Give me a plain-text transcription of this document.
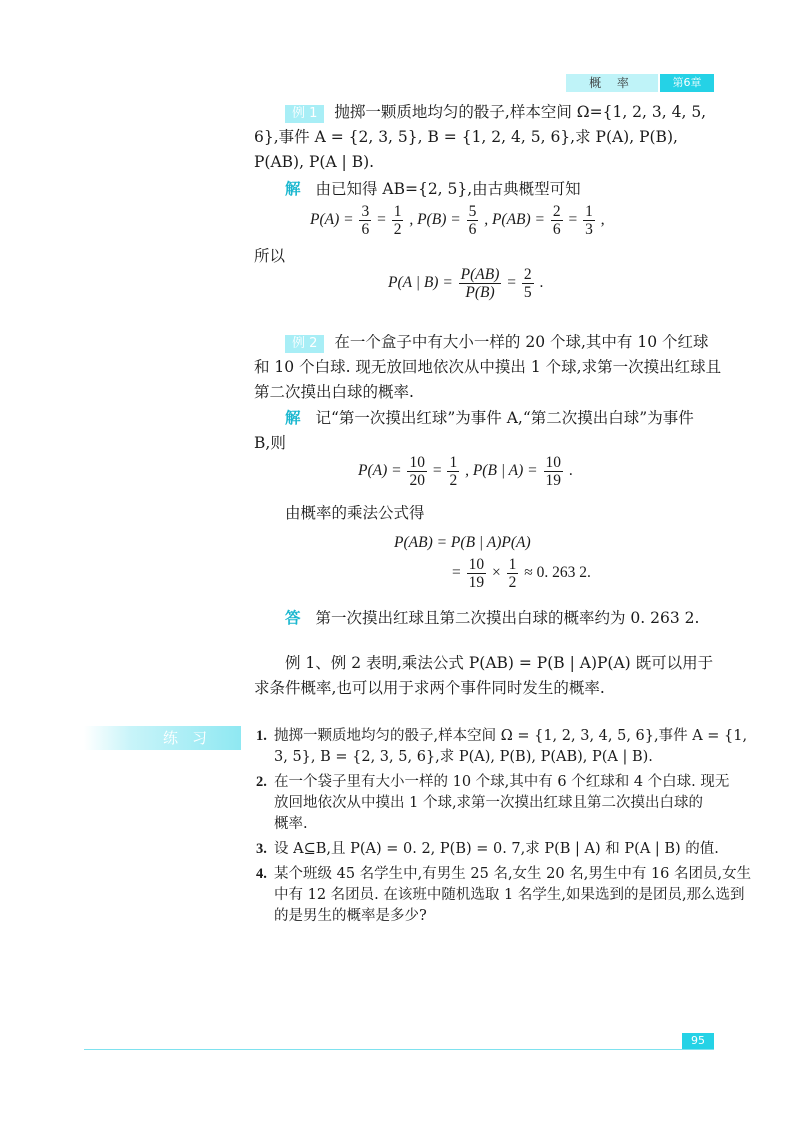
概 率	第6章
例 1 抛掷一颗质地均匀的骰子,样本空间 Ω={1, 2, 3, 4, 5,
6},事件 A = {2, 3, 5}, B = {1, 2, 4, 5, 6},求 P(A), P(B),
P(AB), P(A | B).
解 由已知得 AB={2, 5},由古典概型可知
$P(A) = \frac{3}{6} = \frac{1}{2}$ , $P(B) = \frac{5}{6}$ , $P(AB) = \frac{2}{6} = \frac{1}{3}$ ,
所以
P(A | $B) = \frac{P(AB)}{P(B)} = \frac{2}{5}$ .
例 2 在一个盒子中有大小一样的 20 个球,其中有 10 个红球
和 10 个白球. 现无放回地依次从中摸出 1 个球,求第一次摸出红球且
第二次摸出白球的概率.
解 记“第一次摸出红球”为事件 A,“第二次摸出白球”为事件
B,则
$P(A) = \frac{10}{20} = \frac{1}{2}$ , P(B | $A) = \frac{10}{19}$ .
由概率的乘法公式得
P(AB) = P(B | A)P(A)
= $\frac{10}{19} \times \frac{1}{2} \approx 0$. 263 2.
答 第一次摸出红球且第二次摸出白球的概率约为 0. 263 2.
例 1、例 2 表明,乘法公式 P(AB) = P(B | A)P(A) 既可以用于
求条件概率,也可以用于求两个事件同时发生的概率.
练习	1. 抛掷一颗质地均匀的骰子,样本空间 Ω = {1, 2, 3, 4, 5, 6},事件 A = {1,
3, 5}, B = {2, 3, 5, 6},求 P(A), P(B), P(AB), P(A | B).
2. 在一个袋子里有大小一样的 10 个球,其中有 6 个红球和 4 个白球. 现无
放回地依次从中摸出 1 个球,求第一次摸出红球且第二次摸出白球的
概率.
3. 设 A⊆B,且 P(A) = 0. 2, P(B) = 0. 7,求 P(B | A) 和 P(A | B) 的值.
4. 某个班级 45 名学生中,有男生 25 名,女生 20 名,男生中有 16 名团员,女生
中有 12 名团员. 在该班中随机选取 1 名学生,如果选到的是团员,那么选到
的是男生的概率是多少?
95
